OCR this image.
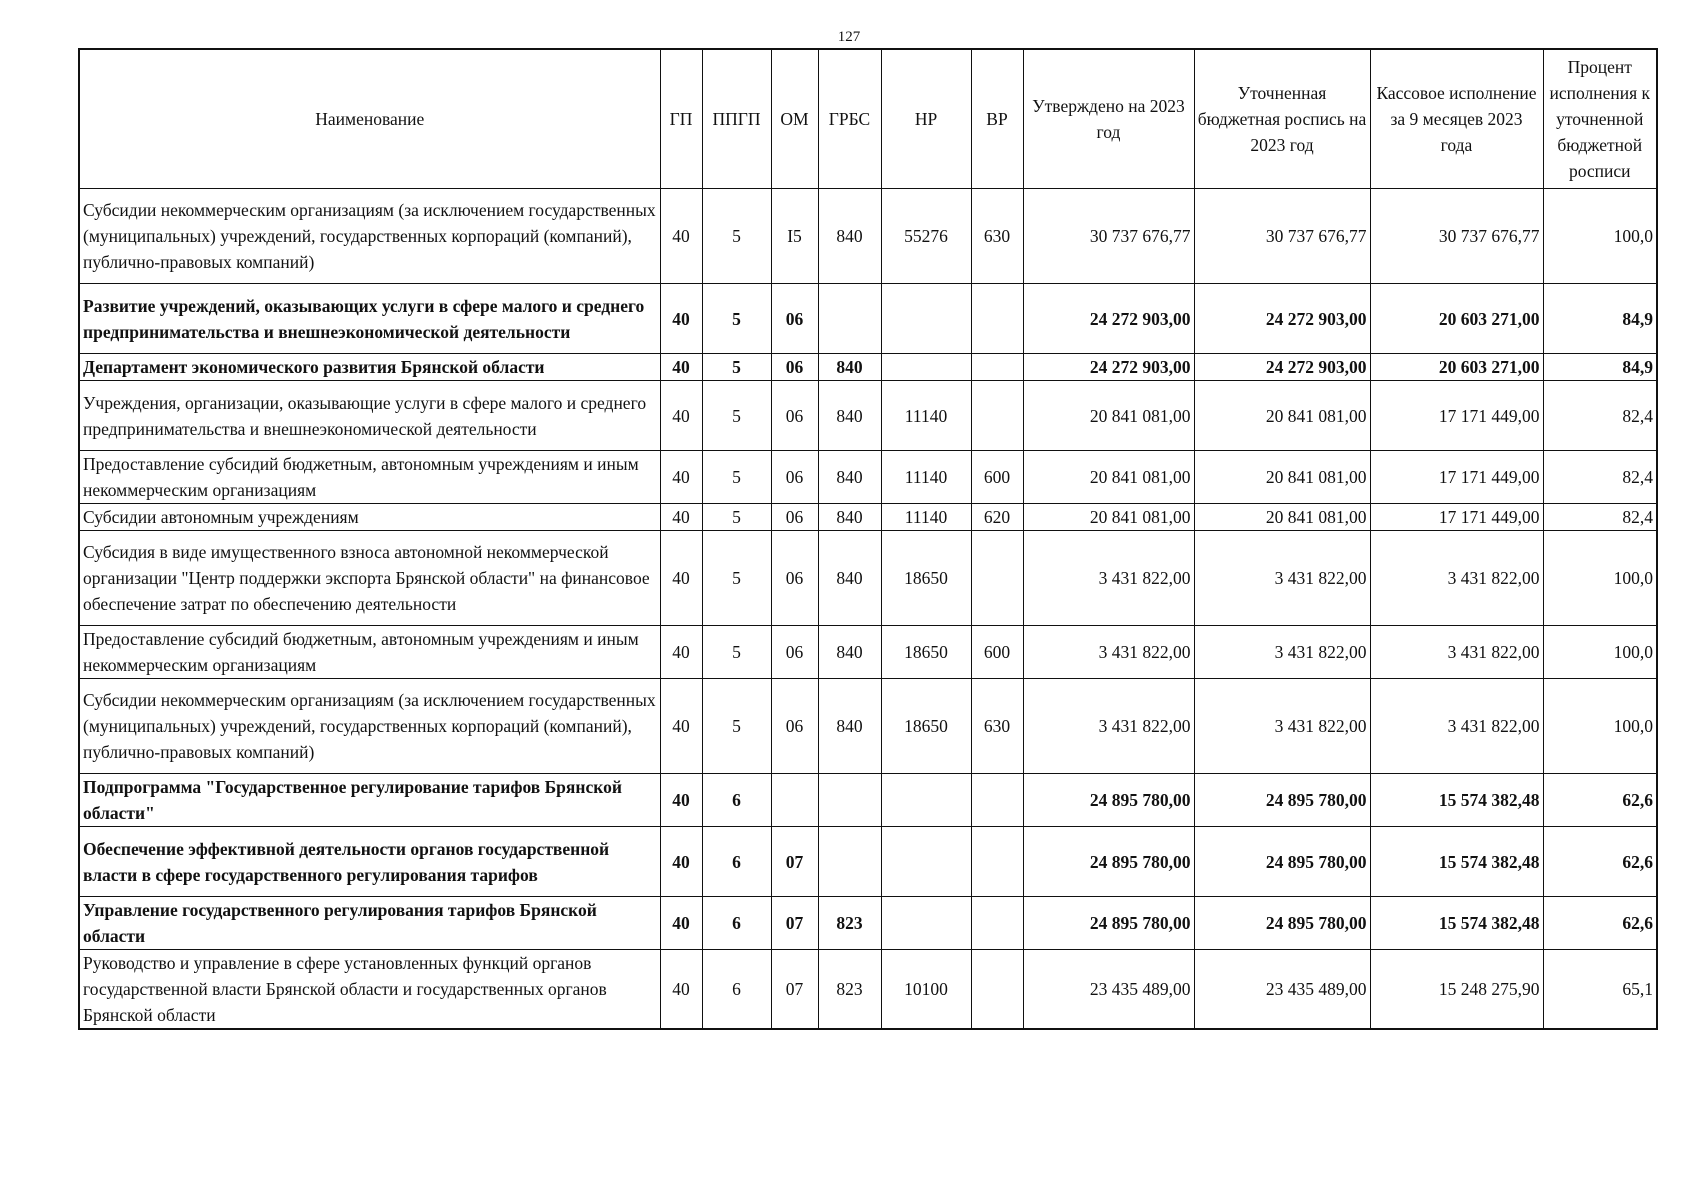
127
Наименование	ГП	ППГП	ОМ	ГРБС	НР	ВР	Утверждено на 2023 год	Уточненная бюджетная роспись на 2023 год	Кассовое исполнение за 9 месяцев 2023 года	Процент исполнения к уточненной бюджетной росписи
Субсидии некоммерческим организациям (за исключением государственных (муниципальных) учреждений, государственных корпораций (компаний), публично-правовых компаний)	40	5	I5	840	55276	630	30 737 676,77	30 737 676,77	30 737 676,77	100,0
Развитие учреждений, оказывающих услуги в сфере малого и среднего предпринимательства и внешнеэкономической деятельности	40	5	06				24 272 903,00	24 272 903,00	20 603 271,00	84,9
Департамент экономического развития Брянской области	40	5	06	840			24 272 903,00	24 272 903,00	20 603 271,00	84,9
Учреждения, организации, оказывающие услуги в сфере малого и среднего предпринимательства и внешнеэкономической деятельности	40	5	06	840	11140		20 841 081,00	20 841 081,00	17 171 449,00	82,4
Предоставление субсидий бюджетным, автономным учреждениям и иным некоммерческим организациям	40	5	06	840	11140	600	20 841 081,00	20 841 081,00	17 171 449,00	82,4
Субсидии автономным учреждениям	40	5	06	840	11140	620	20 841 081,00	20 841 081,00	17 171 449,00	82,4
Субсидия в виде имущественного взноса автономной некоммерческой организации "Центр поддержки экспорта Брянской области" на финансовое обеспечение затрат по обеспечению деятельности	40	5	06	840	18650		3 431 822,00	3 431 822,00	3 431 822,00	100,0
Предоставление субсидий бюджетным, автономным учреждениям и иным некоммерческим организациям	40	5	06	840	18650	600	3 431 822,00	3 431 822,00	3 431 822,00	100,0
Субсидии некоммерческим организациям (за исключением государственных (муниципальных) учреждений, государственных корпораций (компаний), публично-правовых компаний)	40	5	06	840	18650	630	3 431 822,00	3 431 822,00	3 431 822,00	100,0
Подпрограмма "Государственное регулирование тарифов Брянской области"	40	6					24 895 780,00	24 895 780,00	15 574 382,48	62,6
Обеспечение эффективной деятельности органов государственной власти в сфере государственного регулирования тарифов	40	6	07				24 895 780,00	24 895 780,00	15 574 382,48	62,6
Управление государственного регулирования тарифов Брянской области	40	6	07	823			24 895 780,00	24 895 780,00	15 574 382,48	62,6
Руководство и управление в сфере установленных функций органов государственной власти Брянской области и государственных органов Брянской области	40	6	07	823	10100		23 435 489,00	23 435 489,00	15 248 275,90	65,1
